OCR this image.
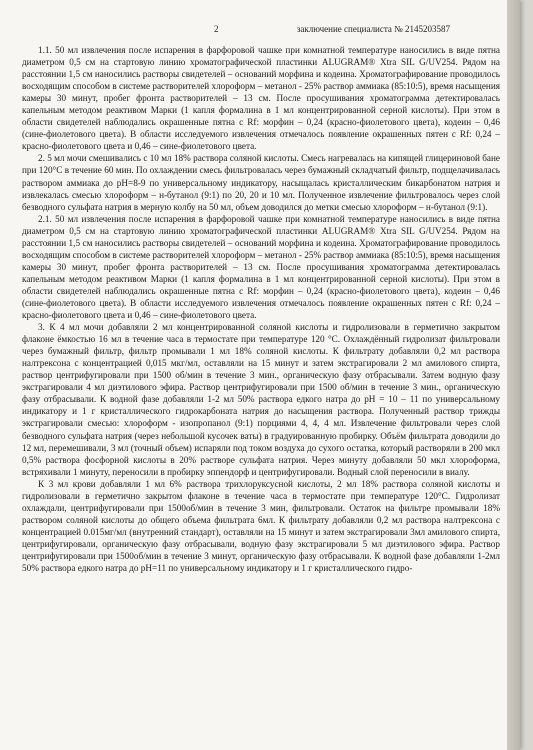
2	заключение специалиста № 2145203587

1.1. 50 мл извлечения после испарения в фарфоровой чашке при комнатной температуре наносились в виде пятна диаметром 0,5 см на стартовую линию хроматографической пластинки ALUGRAM® Xtra SIL G/UV254. Рядом на расстоянии 1,5 см наносились растворы свидетелей – оснований морфина и кодеина. Хроматографирование проводилось восходящим способом в системе растворителей хлороформ – метанол - 25% раствор аммиака (85:10:5), время насыщения камеры 30 минут, пробег фронта растворителей – 13 см. После просушивания хроматограмма детектировалась капельным методом реактивом Марки (1 капля формалина в 1 мл концентрированной серной кислоты). При этом в области свидетелей наблюдались окрашенные пятна с Rf: морфин – 0,24 (красно-фиолетового цвета), кодеин – 0,46 (сине-фиолетового цвета). В области исследуемого извлечения отмечалось появление окрашенных пятен с Rf: 0,24 – красно-фиолетового цвета и 0,46 – сине-фиолетового цвета.

2. 5 мл мочи смешивались с 10 мл 18% раствора соляной кислоты. Смесь нагревалась на кипящей глицериновой бане при 120°С в течение 60 мин. По охлаждении смесь фильтровалась через бумажный складчатый фильтр, подщелачивалась раствором аммиака до pH=8-9 по универсальному индикатору, насыщалась кристаллическим бикарбонатом натрия и извлекалась смесью хлороформ – н-бутанол (9:1) по 20, 20 и 10 мл. Полученное извлечение фильтровалось через слой безводного сульфата натрия в мерную колбу на 50 мл, объем доводился до метки смесью хлороформ – н-бутанол (9:1).

2.1. 50 мл извлечения после испарения в фарфоровой чашке при комнатной температуре наносились в виде пятна диаметром 0,5 см на стартовую линию хроматографической пластинки ALUGRAM® Xtra SIL G/UV254. Рядом на расстоянии 1,5 см наносились растворы свидетелей – оснований морфина и кодеина. Хроматографирование проводилось восходящим способом в системе растворителей хлороформ – метанол - 25% раствор аммиака (85:10:5), время насыщения камеры 30 минут, пробег фронта растворителей – 13 см. После просушивания хроматограмма детектировалась капельным методом реактивом Марки (1 капля формалина в 1 мл концентрированной серной кислоты). При этом в области свидетелей наблюдались окрашенные пятна с Rf: морфин – 0,24 (красно-фиолетового цвета), кодеин – 0,46 (сине-фиолетового цвета). В области исследуемого извлечения отмечалось появление окрашенных пятен с Rf: 0,24 – красно-фиолетового цвета и 0,46 – сине-фиолетового цвета.

3. К 4 мл мочи добавляли 2 мл концентрированной соляной кислоты и гидролизовали в герметично закрытом флаконе ёмкостью 16 мл в течение часа в термостате при температуре 120 °С. Охлаждённый гидролизат фильтровали через бумажный фильтр, фильтр промывали 1 мл 18% соляной кислоты. К фильтрату добавляли 0,2 мл раствора налтрексона с концентрацией 0,015 мкг/мл, оставляли на 15 минут и затем экстрагировали 2 мл амилового спирта, раствор центрифугировали при 1500 об/мин в течение 3 мин., органическую фазу отбрасывали. Затем водную фазу экстрагировали 4 мл диэтилового эфира. Раствор центрифугировали при 1500 об/мин в течение 3 мин., органическую фазу отбрасывали. К водной фазе добавляли 1-2 мл 50% раствора едкого натра до рН = 10 – 11 по универсальному индикатору и 1 г кристаллического гидрокарбоната натрия до насыщения раствора. Полученный раствор трижды экстрагировали смесью: хлороформ - изопропанол (9:1) порциями 4, 4, 4 мл. Извлечение фильтровали через слой безводного сульфата натрия (через небольшой кусочек ваты) в градуированную пробирку. Объём фильтрата доводили до 12 мл, перемешивали, 3 мл (точный объем) испаряли под током воздуха до сухого остатка, который растворяли в 200 мкл 0,5% раствора фосфорной кислоты в 20% растворе сульфата натрия. Через минуту добавляли 50 мкл хлороформа, встряхивали 1 минуту, переносили в пробирку эппендорф и центрифугировали. Водный слой переносили в виалу.

К 3 мл крови добавляли 1 мл 6% раствора трихлоруксусной кислоты, 2 мл 18% раствора соляной кислоты и гидролизовали в герметично закрытом флаконе в течение часа в термостате при температуре 120°С. Гидролизат охлаждали, центрифугировали при 1500об/мин в течение 3 мин, фильтровали. Остаток на фильтре промывали 18% раствором соляной кислоты до общего объема фильтрата 6мл. К фильтрату добавляли 0,2 мл раствора налтрексона с концентрацией 0.015мг/мл (внутренний стандарт), оставляли на 15 минут и затем экстрагировали 3мл амилового спирта, центрифугировали, органическую фазу отбрасывали, водную фазу экстрагировали 5 мл диэтилового эфира. Раствор центрифугировали при 1500об/мин в течение 3 минут, органическую фазу отбрасывали. К водной фазе добавляли 1-2мл 50% раствора едкого натра до рН=11 по универсальному индикатору и 1 г кристаллического гидро-
